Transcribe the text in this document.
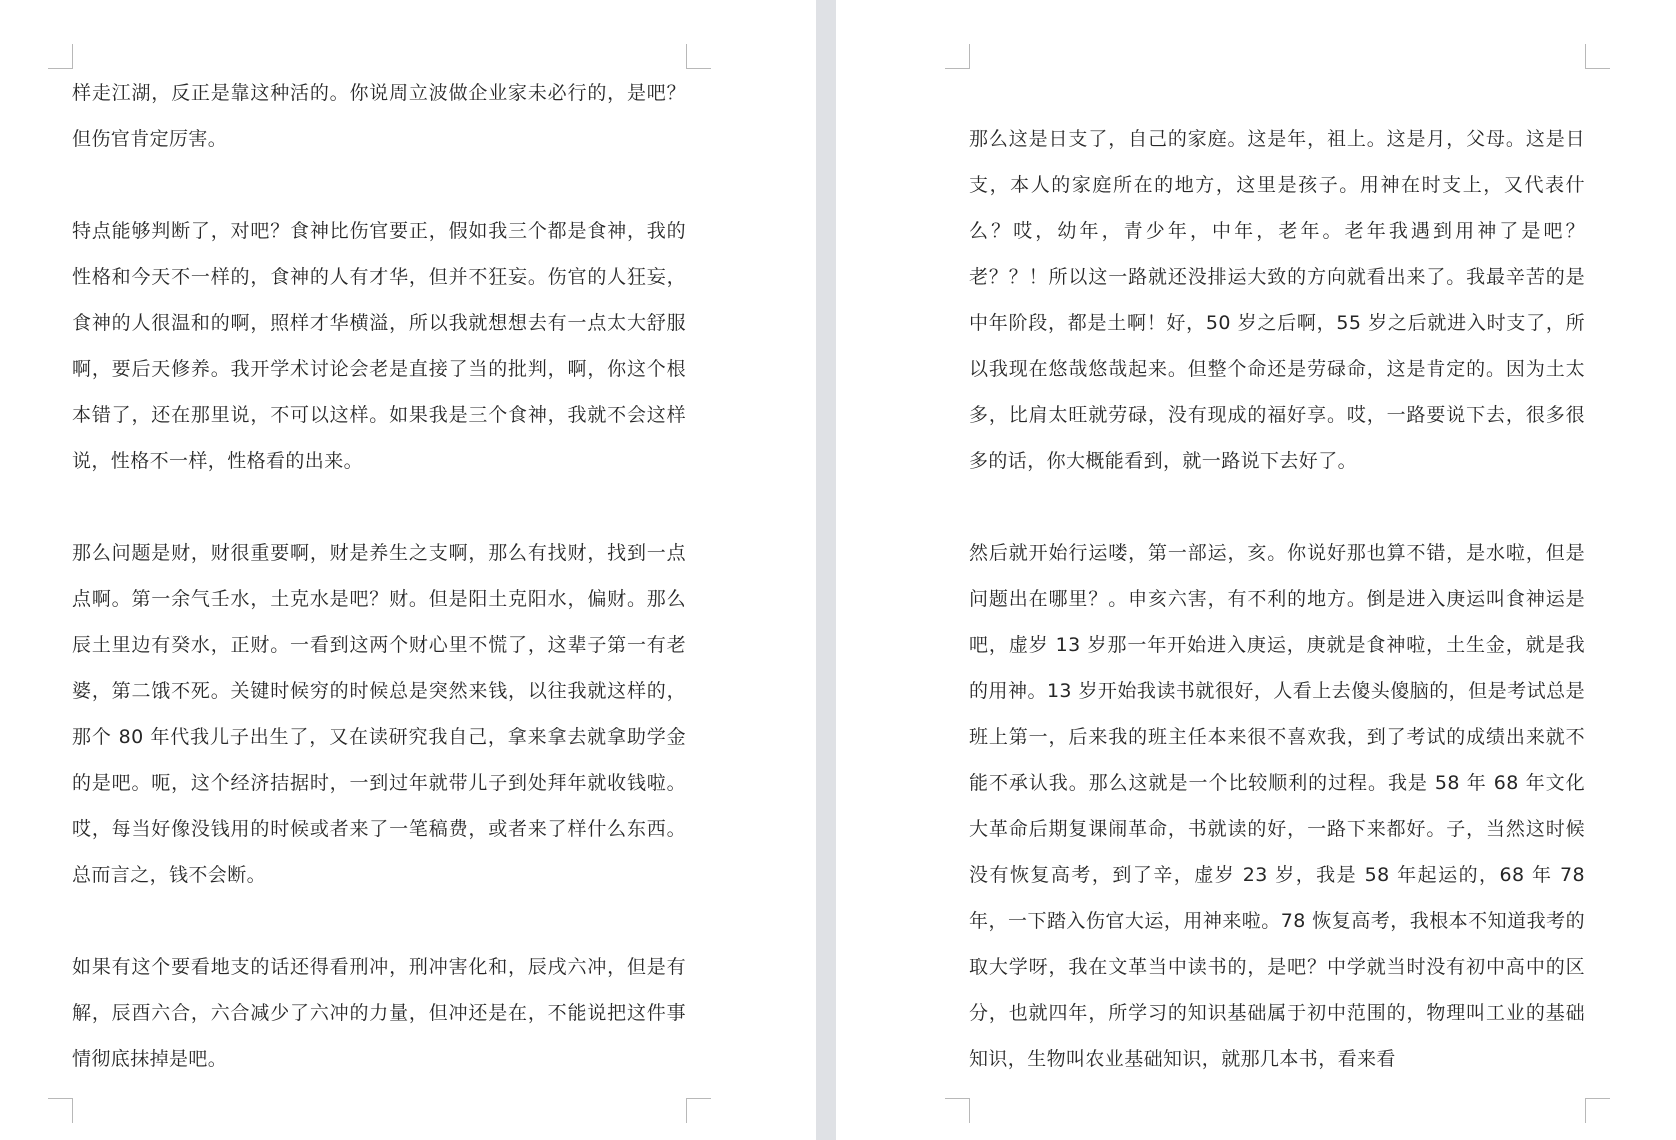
样走江湖，反正是靠这种活的。你说周立波做企业家未必行的，是吧？但伤官肯定厉害。

特点能够判断了，对吧？食神比伤官要正，假如我三个都是食神，我的性格和今天不一样的，食神的人有才华，但并不狂妄。伤官的人狂妄，食神的人很温和的啊，照样才华横溢，所以我就想想去有一点太大舒服啊，要后天修养。我开学术讨论会老是直接了当的批判，啊，你这个根本错了，还在那里说，不可以这样。如果我是三个食神，我就不会这样说，性格不一样，性格看的出来。

那么问题是财，财很重要啊，财是养生之支啊，那么有找财，找到一点点啊。第一余气壬水，土克水是吧？财。但是阳土克阳水，偏财。那么辰土里边有癸水，正财。一看到这两个财心里不慌了，这辈子第一有老婆，第二饿不死。关键时候穷的时候总是突然来钱，以往我就这样的，那个 80 年代我儿子出生了，又在读研究我自己，拿来拿去就拿助学金的是吧。呃，这个经济拮据时，一到过年就带儿子到处拜年就收钱啦。哎，每当好像没钱用的时候或者来了一笔稿费，或者来了样什么东西。总而言之，钱不会断。

如果有这个要看地支的话还得看刑冲，刑冲害化和，辰戌六冲，但是有解，辰酉六合，六合减少了六冲的力量，但冲还是在，不能说把这件事情彻底抹掉是吧。

那么这是日支了，自己的家庭。这是年，祖上。这是月，父母。这是日支，本人的家庭所在的地方，这里是孩子。用神在时支上，又代表什么？哎，幼年，青少年，中年，老年。老年我遇到用神了是吧？老？？！所以这一路就还没排运大致的方向就看出来了。我最辛苦的是中年阶段，都是土啊！好，50 岁之后啊，55 岁之后就进入时支了，所以我现在悠哉悠哉起来。但整个命还是劳碌命，这是肯定的。因为土太多，比肩太旺就劳碌，没有现成的福好享。哎，一路要说下去，很多很多的话，你大概能看到，就一路说下去好了。

然后就开始行运喽，第一部运，亥。你说好那也算不错，是水啦，但是问题出在哪里？。申亥六害，有不利的地方。倒是进入庚运叫食神运是吧，虚岁 13 岁那一年开始进入庚运，庚就是食神啦，土生金，就是我的用神。13 岁开始我读书就很好，人看上去傻头傻脑的，但是考试总是班上第一，后来我的班主任本来很不喜欢我，到了考试的成绩出来就不能不承认我。那么这就是一个比较顺利的过程。我是 58 年 68 年文化大革命后期复课闹革命，书就读的好，一路下来都好。子，当然这时候没有恢复高考，到了辛，虚岁 23 岁，我是 58 年起运的，68 年 78 年，一下踏入伤官大运，用神来啦。78 恢复高考，我根本不知道我考的取大学呀，我在文革当中读书的，是吧？中学就当时没有初中高中的区分，也就四年，所学习的知识基础属于初中范围的，物理叫工业的基础知识，生物叫农业基础知识，就那几本书，看来看
